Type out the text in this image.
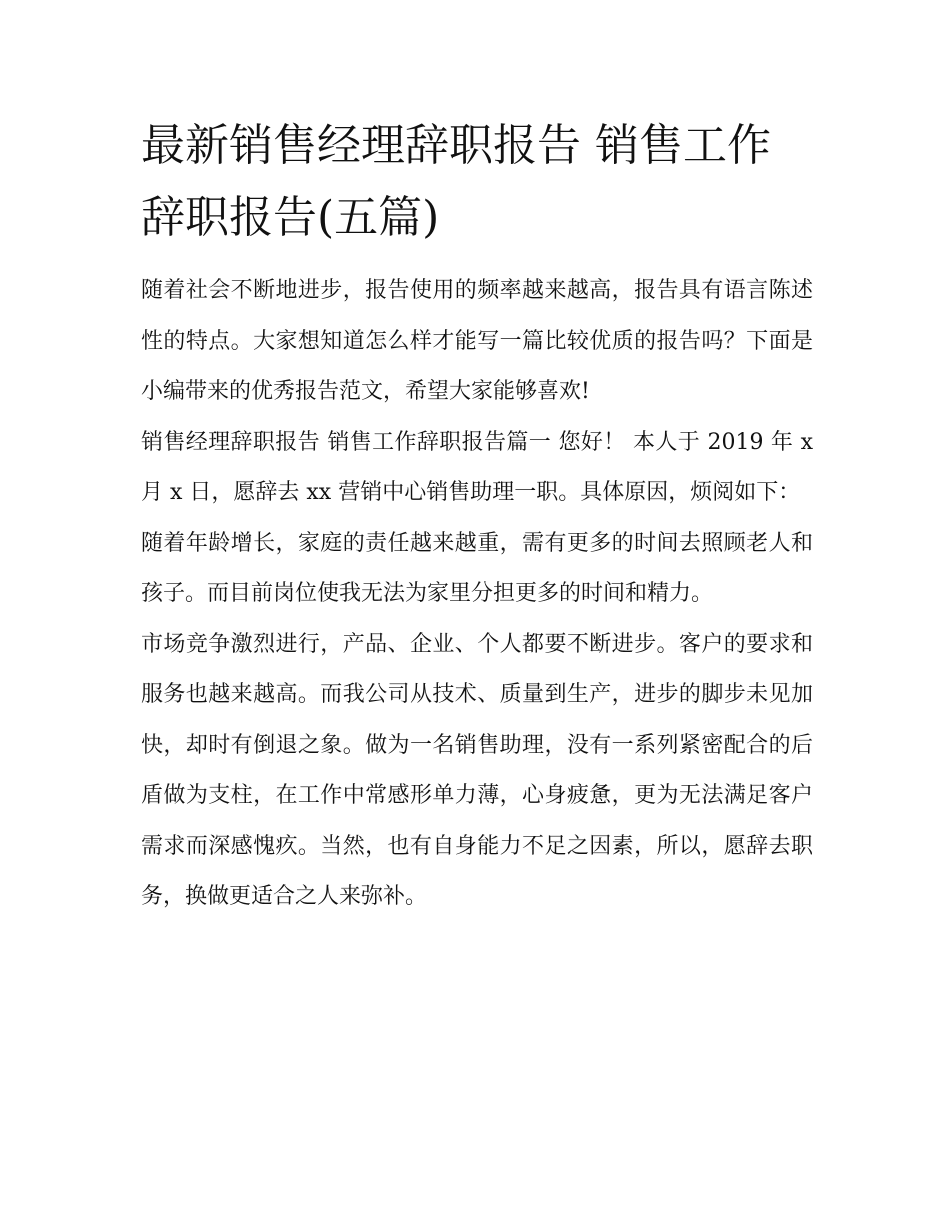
最新销售经理辞职报告 销售工作辞职报告(五篇)

随着社会不断地进步，报告使用的频率越来越高，报告具有语言陈述性的特点。大家想知道怎么样才能写一篇比较优质的报告吗？下面是小编带来的优秀报告范文，希望大家能够喜欢!

销售经理辞职报告 销售工作辞职报告篇一 您好！ 本人于 2019 年 x 月 x 日，愿辞去 xx 营销中心销售助理一职。具体原因，烦阅如下：

随着年龄增长，家庭的责任越来越重，需有更多的时间去照顾老人和孩子。而目前岗位使我无法为家里分担更多的时间和精力。

市场竞争激烈进行，产品、企业、个人都要不断进步。客户的要求和服务也越来越高。而我公司从技术、质量到生产，进步的脚步未见加快，却时有倒退之象。做为一名销售助理，没有一系列紧密配合的后盾做为支柱，在工作中常感形单力薄，心身疲惫，更为无法满足客户需求而深感愧疚。当然，也有自身能力不足之因素，所以，愿辞去职务，换做更适合之人来弥补。
